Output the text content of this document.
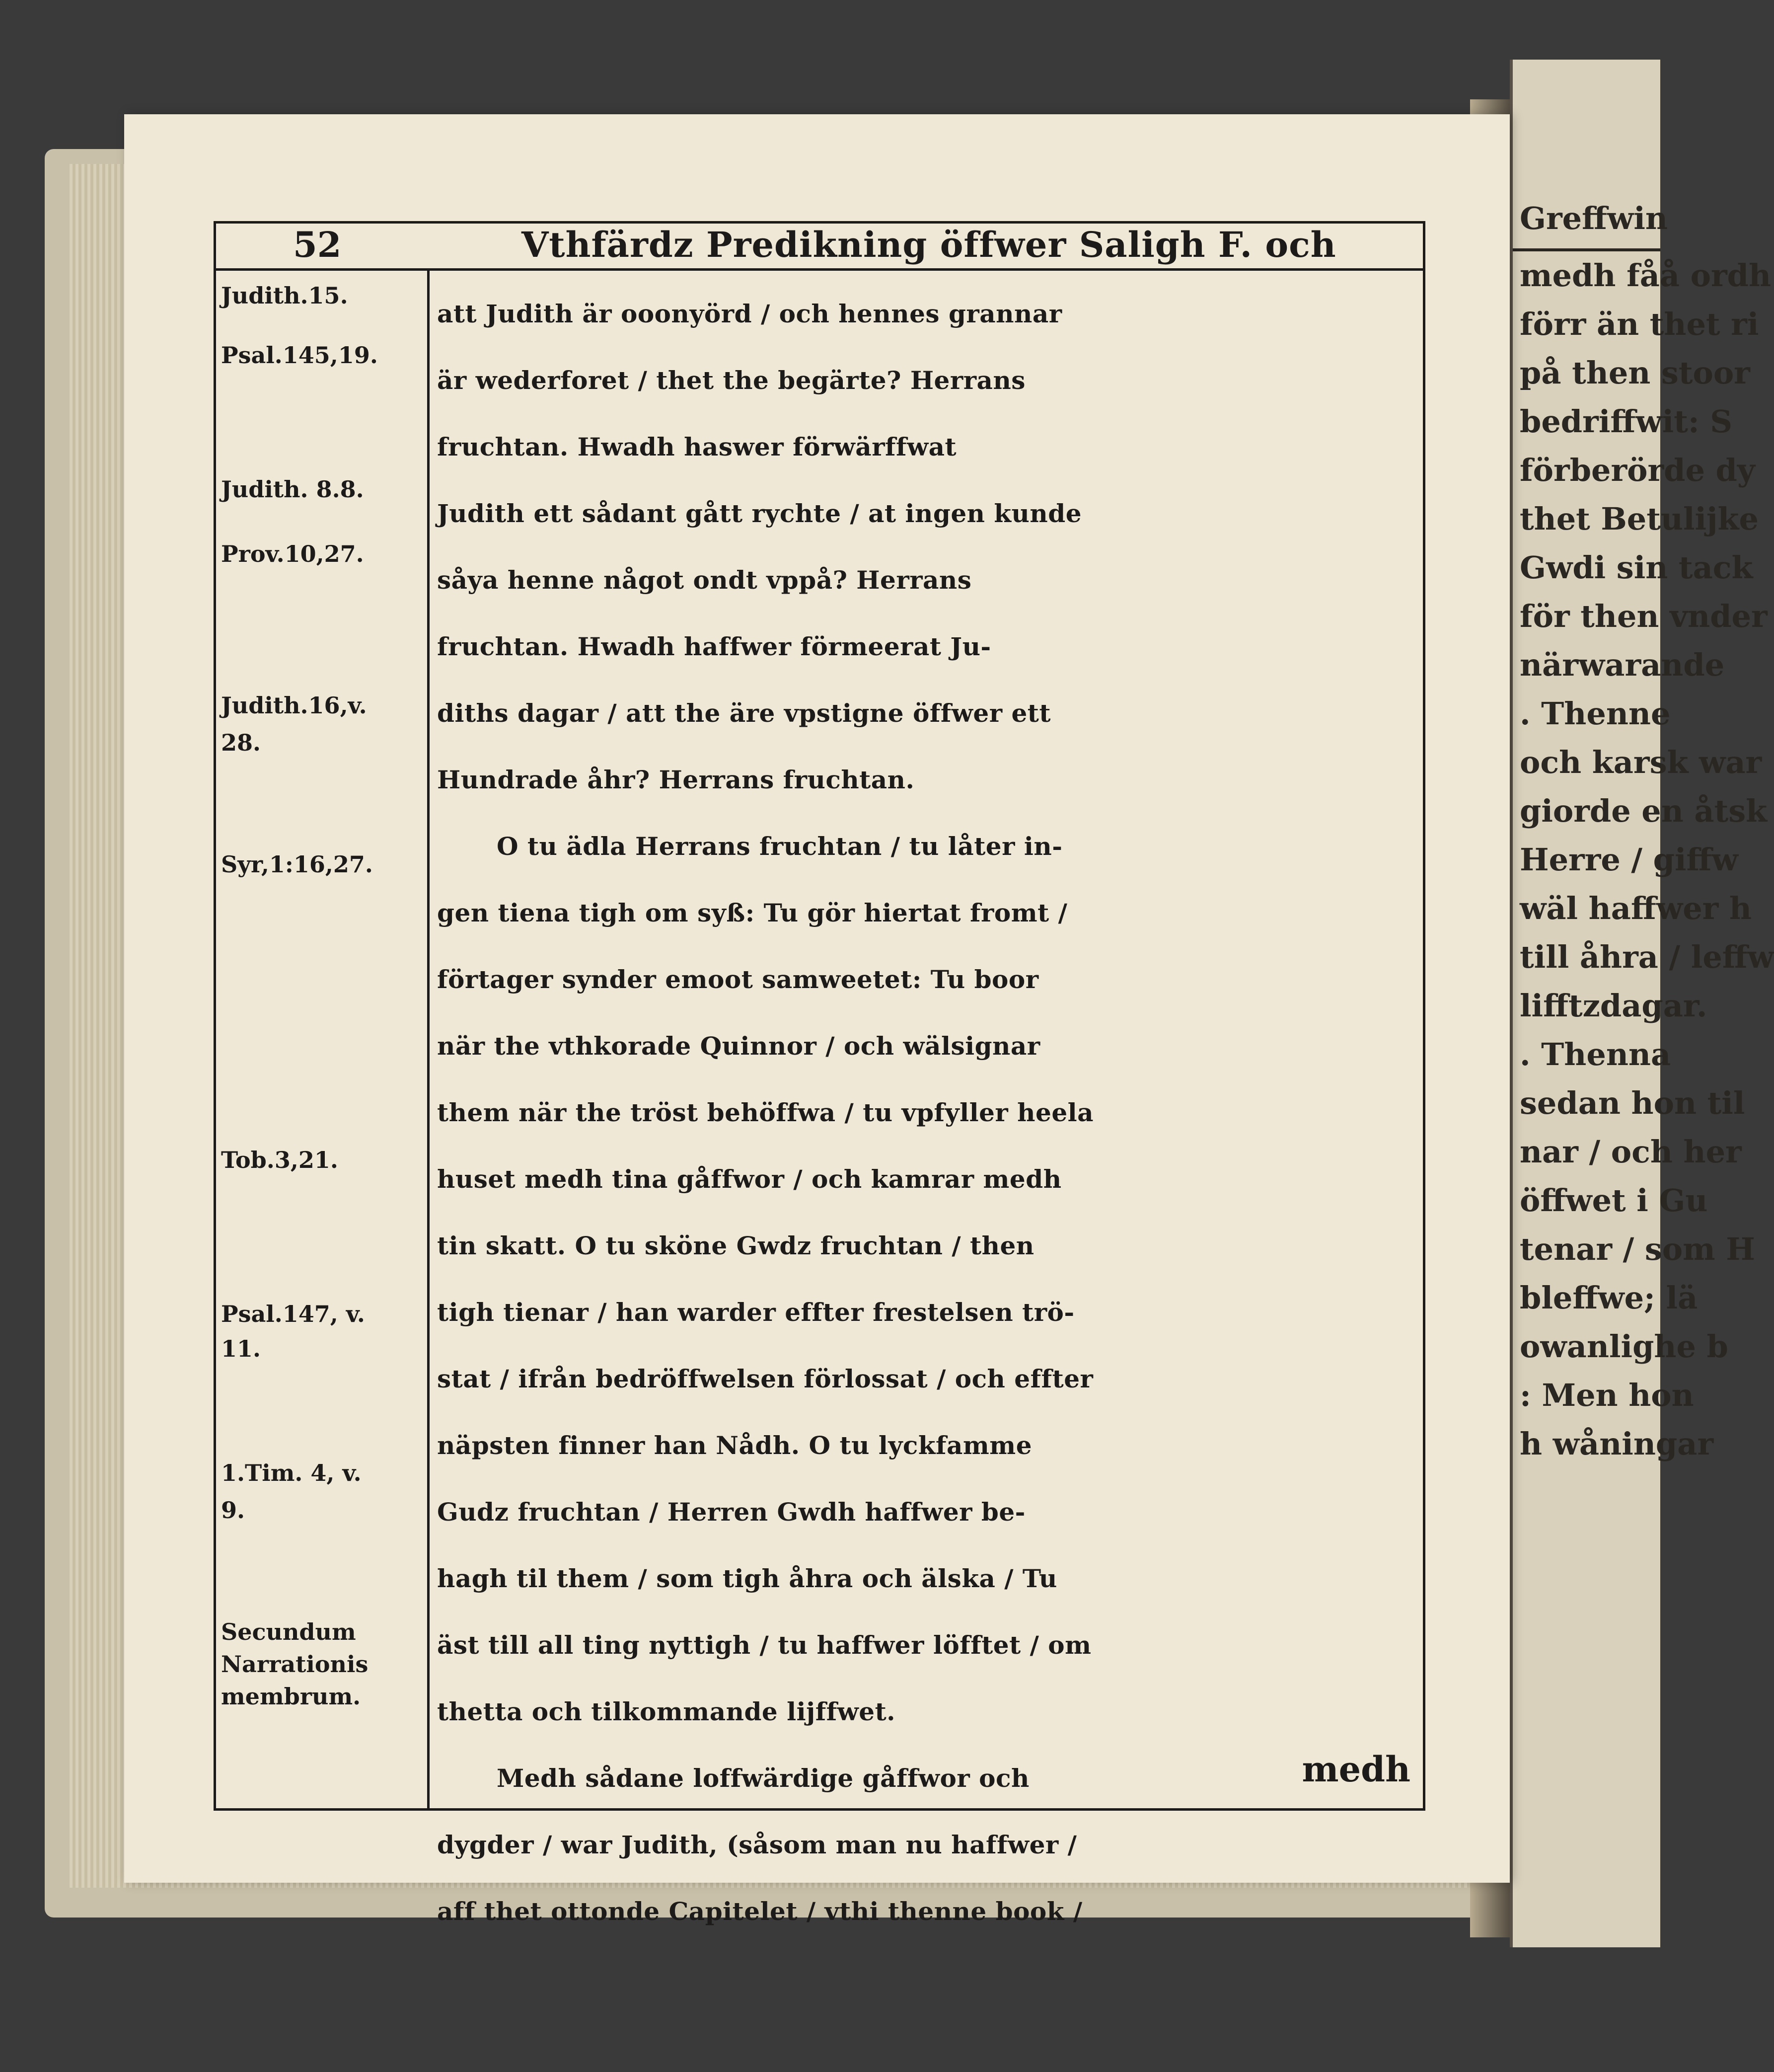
Greffwin
medh fåå ordh
förr än thet ri
på then stoor
bedriffwit: S
förberörde dy
thet Betulijke
Gwdi sin tack
för then vnder
närwarande
. Thenne
och karsk war
giorde en åtsk
Herre / giffw
wäl haffwer h
till åhra / leffw
lifftzdagar.
. Thenna
sedan hon til
nar / och her
öffwet i Gu
tenar / som H
bleffwe; lä
owanlighe b
: Men hon
h wåningar
52	Vthfärdz Predikning öffwer Saligh F. och
Judith.15.
Psal.145,19.
Judith. 8.8.
Prov.10,27.
Judith.16,v.
28.
Syr,1:16,27.
Tob.3,21.
Psal.147, v.
11.
1.Tim. 4, v.
9.
Secundum
Narrationis
membrum.
att Judith är ooonyörd / och hennes grannar
är wederforet / thet the begärte? Herrans
fruchtan. Hwadh haswer förwärffwat
Judith ett sådant gått rychte / at ingen kunde
såya henne något ondt vppå? Herrans
fruchtan. Hwadh haffwer förmeerat Ju-
diths dagar / att the äre vpstigne öffwer ett
Hundrade åhr? Herrans fruchtan.
O tu ädla Herrans fruchtan / tu låter in-
gen tiena tigh om syß: Tu gör hiertat fromt /
förtager synder emoot samweetet: Tu boor
när the vthkorade Quinnor / och wälsignar
them när the tröst behöffwa / tu vpfyller heela
huset medh tina gåffwor / och kamrar medh
tin skatt. O tu sköne Gwdz fruchtan / then
tigh tienar / han warder effter frestelsen trö-
stat / ifrån bedröffwelsen förlossat / och effter
näpsten finner han Nådh. O tu lyckfamme
Gudz fruchtan / Herren Gwdh haffwer be-
hagh til them / som tigh åhra och älska / Tu
äst till all ting nyttigh / tu haffwer löfftet / om
thetta och tilkommande lijffwet.
Medh sådane loffwärdige gåffwor och
dygder / war Judith, (såsom man nu haffwer /
aff thet ottonde Capitelet / vthi thenne book /
medh
